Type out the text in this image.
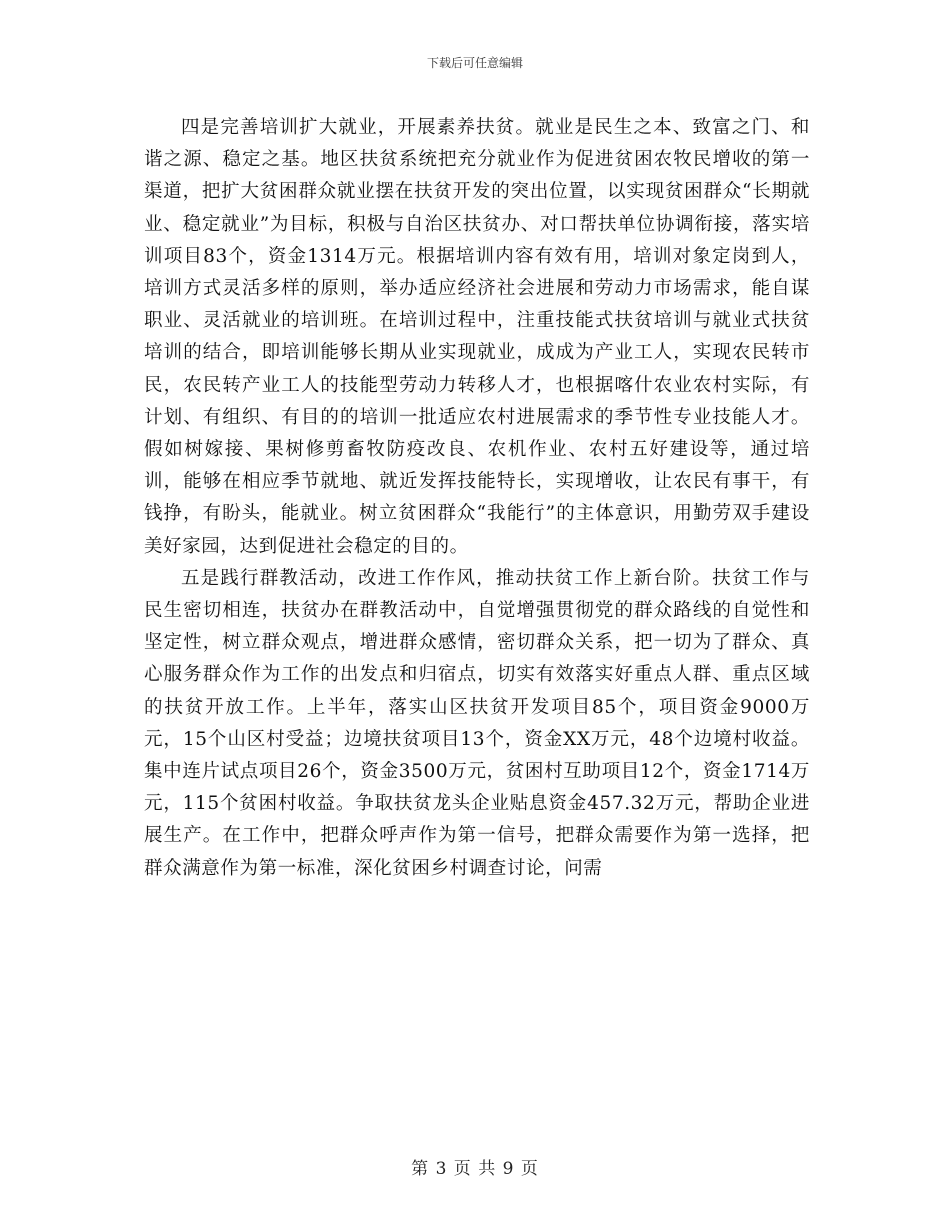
下载后可任意编辑

四是完善培训扩大就业，开展素养扶贫。就业是民生之本、致富之门、和谐之源、稳定之基。地区扶贫系统把充分就业作为促进贫困农牧民增收的第一渠道，把扩大贫困群众就业摆在扶贫开发的突出位置，以实现贫困群众“长期就业、稳定就业”为目标，积极与自治区扶贫办、对口帮扶单位协调衔接，落实培训项目83个，资金1314万元。根据培训内容有效有用，培训对象定岗到人，培训方式灵活多样的原则，举办适应经济社会进展和劳动力市场需求，能自谋职业、灵活就业的培训班。在培训过程中，注重技能式扶贫培训与就业式扶贫培训的结合，即培训能够长期从业实现就业，成成为产业工人，实现农民转市民，农民转产业工人的技能型劳动力转移人才，也根据喀什农业农村实际，有计划、有组织、有目的的培训一批适应农村进展需求的季节性专业技能人才。假如树嫁接、果树修剪畜牧防疫改良、农机作业、农村五好建设等，通过培训，能够在相应季节就地、就近发挥技能特长，实现增收，让农民有事干，有钱挣，有盼头，能就业。树立贫困群众“我能行”的主体意识，用勤劳双手建设美好家园，达到促进社会稳定的目的。

五是践行群教活动，改进工作作风，推动扶贫工作上新台阶。扶贫工作与民生密切相连，扶贫办在群教活动中，自觉增强贯彻党的群众路线的自觉性和坚定性，树立群众观点，增进群众感情，密切群众关系，把一切为了群众、真心服务群众作为工作的出发点和归宿点，切实有效落实好重点人群、重点区域的扶贫开放工作。上半年，落实山区扶贫开发项目85个，项目资金9000万元，15个山区村受益；边境扶贫项目13个，资金XX万元，48个边境村收益。集中连片试点项目26个，资金3500万元，贫困村互助项目12个，资金1714万元，115个贫困村收益。争取扶贫龙头企业贴息资金457.32万元，帮助企业进展生产。在工作中，把群众呼声作为第一信号，把群众需要作为第一选择，把群众满意作为第一标准，深化贫困乡村调查讨论，问需

第 3 页 共 9 页
